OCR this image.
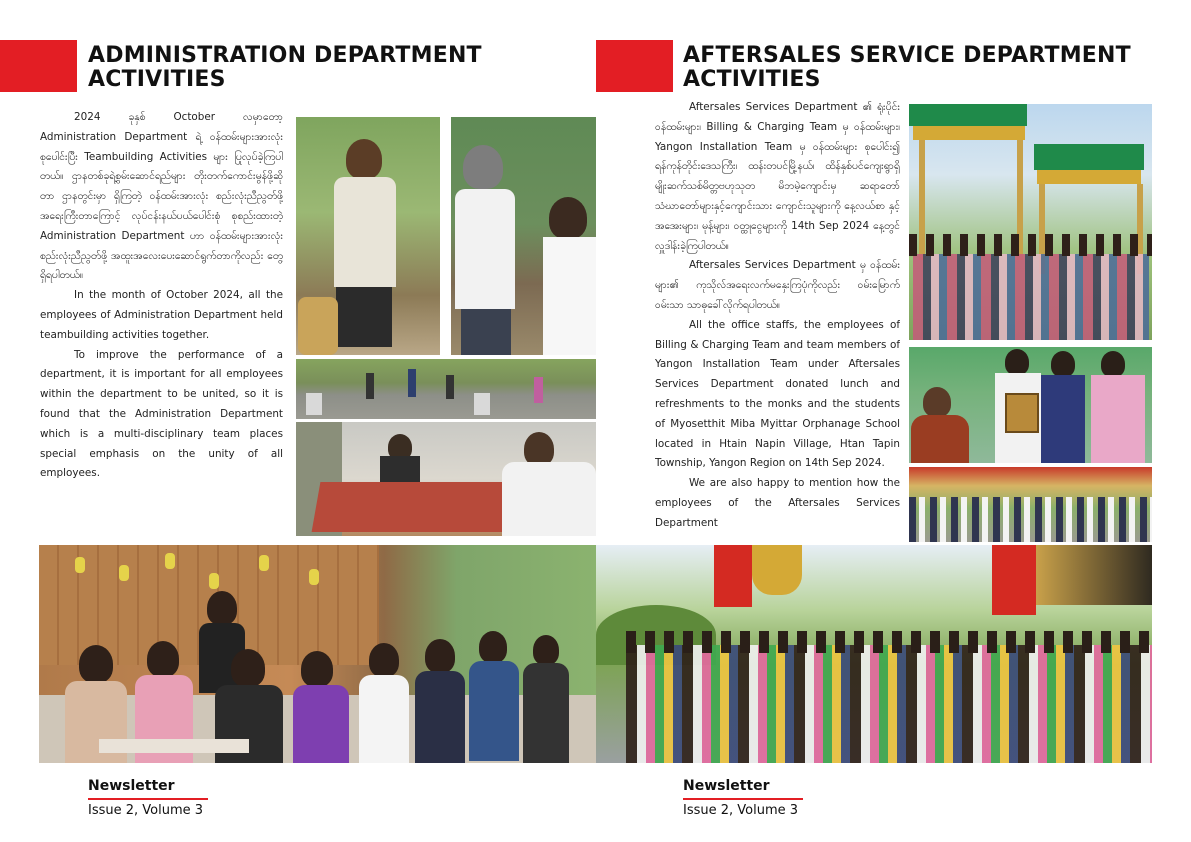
ADMINISTRATION DEPARTMENT
ACTIVITIES

2024 ခုနှစ် October လမှာတော့ Administration Department ရဲ့ ဝန်ထမ်းများအားလုံး စုပေါင်းပြီး Teambuilding Activities များ ပြုလုပ်ခဲ့ကြပါတယ်။ ဌာနတစ်ခုရဲ့စွမ်းဆောင်ရည်များ တိုးတက်ကောင်းမွန်ဖို့ဆိုတာ ဌာနတွင်းမှာ ရှိကြတဲ့ ဝန်ထမ်းအားလုံး စည်းလုံးညီညွတ်ဖို့ အရေးကြီးတာကြောင့် လုပ်ငန်းနယ်ပယ်ပေါင်းစုံ စုစည်းထားတဲ့ Administration Department ဟာ ဝန်ထမ်းများအားလုံး စည်းလုံးညီညွတ်ဖို့ အထူးအလေးပေးဆောင်ရွက်တာကိုလည်း တွေ့ရှိရပါတယ်။

In the month of October 2024, all the employees of Administration Department held teambuilding activities together.

To improve the performance of a department, it is important for all employees within the department to be united, so it is found that the Administration Department which is a multi-disciplinary team places special emphasis on the unity of all employees.

Newsletter
Issue 2, Volume 3
AFTERSALES SERVICE DEPARTMENT
ACTIVITIES

Aftersales Services Department ၏ ရုံးပိုင်းဝန်ထမ်းများ၊ Billing & Charging Team မှ ဝန်ထမ်းများ၊ Yangon Installation Team မှ ဝန်ထမ်းများ စုပေါင်း၍ ရန်ကုန်တိုင်းဒေသကြီး၊ ထန်းတပင်မြို့နယ်၊ ထိန်နှစ်ပင်ကျေးရွာရှိ မျိုးဆက်သစ်မိတ္တဗဟုသုတ မိဘမဲ့ကျောင်းမှ ဆရာတော်သံဃာတော်များနှင့်ကျောင်းသား ကျောင်းသူများကို နေ့လယ်စာ နှင့် အအေးများ၊ မုန့်များ၊ ဝတ္ထုငွေများကို 14th Sep 2024 နေ့တွင် လှူဒါန်းခဲ့ကြပါတယ်။

Aftersales Services Department မှ ဝန်ထမ်းများ၏ ကုသိုလ်အရေးလက်မနှေးကြပုံကိုလည်း ဝမ်းမြောက်ဝမ်းသာ သာဓုခေါ်လိုက်ရပါတယ်။

All the office staffs, the employees of Billing & Charging Team and team members of Yangon Installation Team under Aftersales Services Department donated lunch and refreshments to the monks and the students of Myosetthit Miba Myittar Orphanage School located in Htain Napin Village, Htan Tapin Township, Yangon Region on 14th Sep 2024.

We are also happy to mention how the employees of the Aftersales Services Department

Newsletter
Issue 2, Volume 3
